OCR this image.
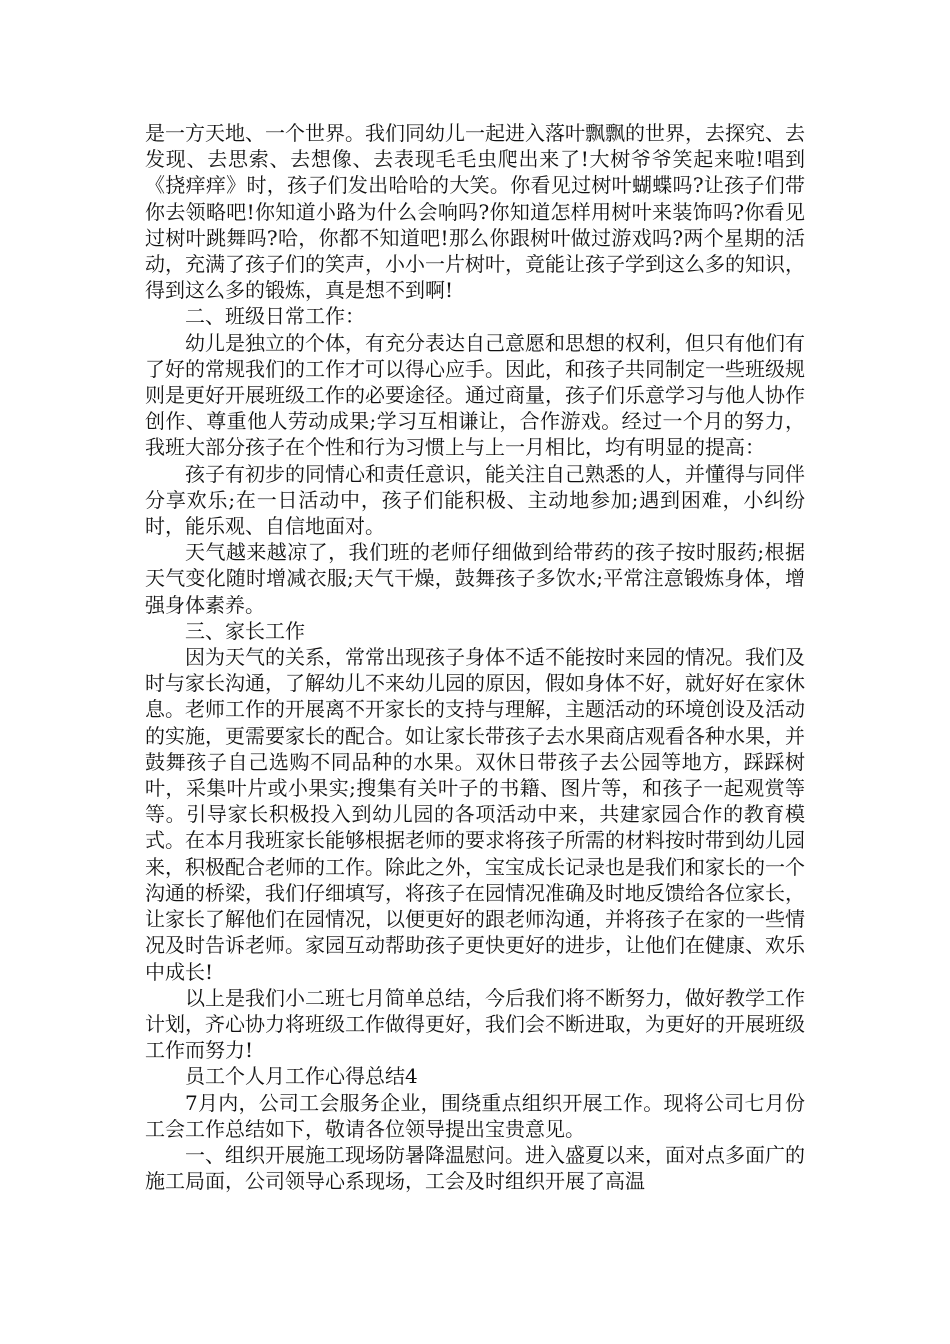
是一方天地、一个世界。我们同幼儿一起进入落叶飘飘的世界，去探究、去发现、去思索、去想像、去表现毛毛虫爬出来了!大树爷爷笑起来啦!唱到《挠痒痒》时，孩子们发出哈哈的大笑。你看见过树叶蝴蝶吗?让孩子们带你去领略吧!你知道小路为什么会响吗?你知道怎样用树叶来装饰吗?你看见过树叶跳舞吗?哈，你都不知道吧!那么你跟树叶做过游戏吗?两个星期的活动，充满了孩子们的笑声，小小一片树叶，竟能让孩子学到这么多的知识，得到这么多的锻炼，真是想不到啊!

二、班级日常工作：

幼儿是独立的个体，有充分表达自己意愿和思想的权利，但只有他们有了好的常规我们的工作才可以得心应手。因此，和孩子共同制定一些班级规则是更好开展班级工作的必要途径。通过商量，孩子们乐意学习与他人协作创作、尊重他人劳动成果;学习互相谦让，合作游戏。经过一个月的努力，我班大部分孩子在个性和行为习惯上与上一月相比，均有明显的提高：

孩子有初步的同情心和责任意识，能关注自己熟悉的人，并懂得与同伴分享欢乐;在一日活动中，孩子们能积极、主动地参加;遇到困难，小纠纷时，能乐观、自信地面对。

天气越来越凉了，我们班的老师仔细做到给带药的孩子按时服药;根据天气变化随时增减衣服;天气干燥，鼓舞孩子多饮水;平常注意锻炼身体，增强身体素养。

三、家长工作

因为天气的关系，常常出现孩子身体不适不能按时来园的情况。我们及时与家长沟通，了解幼儿不来幼儿园的原因，假如身体不好，就好好在家休息。老师工作的开展离不开家长的支持与理解，主题活动的环境创设及活动的实施，更需要家长的配合。如让家长带孩子去水果商店观看各种水果，并鼓舞孩子自己选购不同品种的水果。双休日带孩子去公园等地方，踩踩树叶，采集叶片或小果实;搜集有关叶子的书籍、图片等，和孩子一起观赏等等。引导家长积极投入到幼儿园的各项活动中来，共建家园合作的教育模式。在本月我班家长能够根据老师的要求将孩子所需的材料按时带到幼儿园来，积极配合老师的工作。除此之外，宝宝成长记录也是我们和家长的一个沟通的桥梁，我们仔细填写，将孩子在园情况准确及时地反馈给各位家长，让家长了解他们在园情况，以便更好的跟老师沟通，并将孩子在家的一些情况及时告诉老师。家园互动帮助孩子更快更好的进步，让他们在健康、欢乐中成长!

以上是我们小二班七月简单总结，今后我们将不断努力，做好教学工作计划，齐心协力将班级工作做得更好，我们会不断进取，为更好的开展班级工作而努力!

员工个人月工作心得总结4

7月内，公司工会服务企业，围绕重点组织开展工作。现将公司七月份工会工作总结如下，敬请各位领导提出宝贵意见。

一、组织开展施工现场防暑降温慰问。进入盛夏以来，面对点多面广的施工局面，公司领导心系现场，工会及时组织开展了高温
